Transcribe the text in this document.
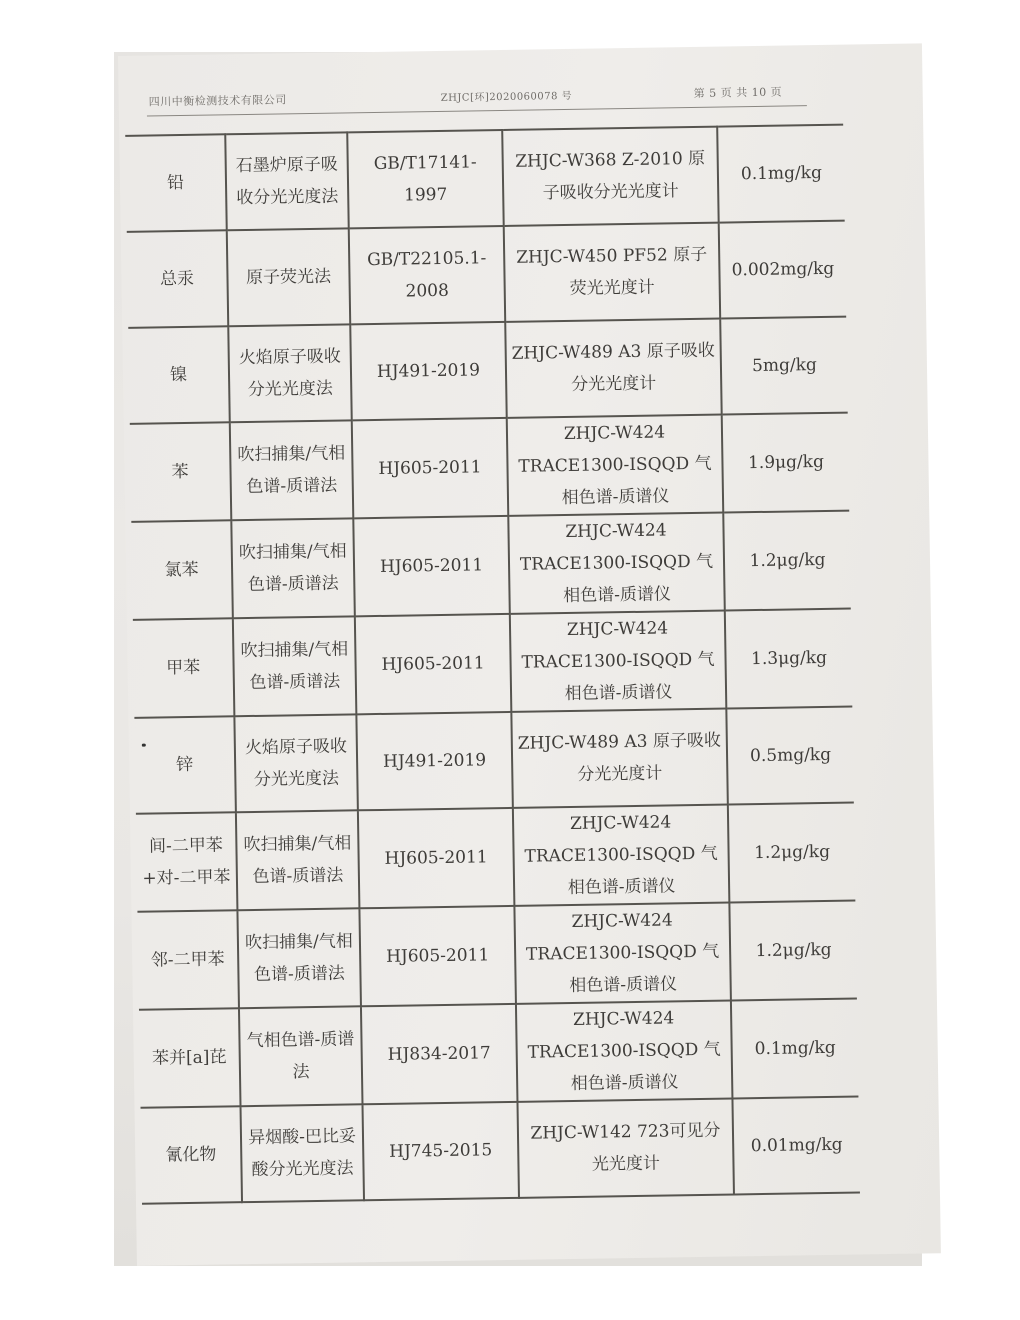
四川中衡检测技术有限公司	ZHJC[环]2020060078 号	第 5 页 共 10 页
铅	石墨炉原子吸收分光光度法	GB/T17141-1997	ZHJC-W368 Z-2010 原子吸收分光光度计	0.1mg/kg
总汞	原子荧光法	GB/T22105.1-2008	ZHJC-W450 PF52 原子荧光光度计	0.002mg/kg
镍	火焰原子吸收分光光度法	HJ491-2019	ZHJC-W489 A3 原子吸收分光光度计	5mg/kg
苯	吹扫捕集/气相色谱-质谱法	HJ605-2011	ZHJC-W424 TRACE1300-ISQQD 气相色谱-质谱仪	1.9μg/kg
氯苯	吹扫捕集/气相色谱-质谱法	HJ605-2011	ZHJC-W424 TRACE1300-ISQQD 气相色谱-质谱仪	1.2μg/kg
甲苯	吹扫捕集/气相色谱-质谱法	HJ605-2011	ZHJC-W424 TRACE1300-ISQQD 气相色谱-质谱仪	1.3μg/kg
锌	火焰原子吸收分光光度法	HJ491-2019	ZHJC-W489 A3 原子吸收分光光度计	0.5mg/kg
间-二甲苯+对-二甲苯	吹扫捕集/气相色谱-质谱法	HJ605-2011	ZHJC-W424 TRACE1300-ISQQD 气相色谱-质谱仪	1.2μg/kg
邻-二甲苯	吹扫捕集/气相色谱-质谱法	HJ605-2011	ZHJC-W424 TRACE1300-ISQQD 气相色谱-质谱仪	1.2μg/kg
苯并[a]芘	气相色谱-质谱法	HJ834-2017	ZHJC-W424 TRACE1300-ISQQD 气相色谱-质谱仪	0.1mg/kg
氰化物	异烟酸-巴比妥酸分光光度法	HJ745-2015	ZHJC-W142 723可见分光光度计	0.01mg/kg
